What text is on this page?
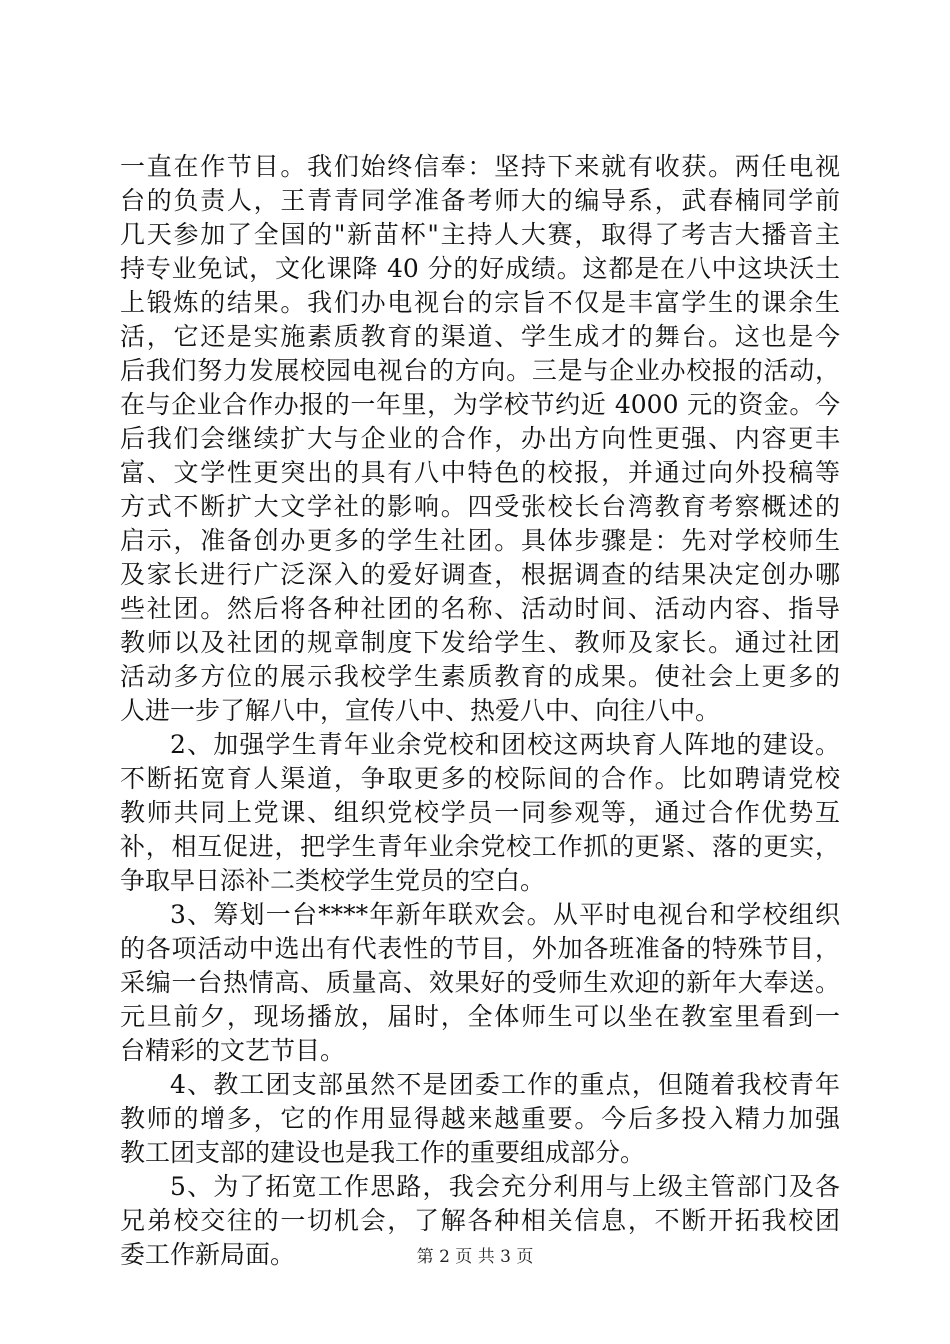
一直在作节目。我们始终信奉：坚持下来就有收获。两任电视
台的负责人，王青青同学准备考师大的编导系，武春楠同学前
几天参加了全国的"新苗杯"主持人大赛，取得了考吉大播音主
持专业免试，文化课降 40 分的好成绩。这都是在八中这块沃土
上锻炼的结果。我们办电视台的宗旨不仅是丰富学生的课余生
活，它还是实施素质教育的渠道、学生成才的舞台。这也是今
后我们努力发展校园电视台的方向。三是与企业办校报的活动，
在与企业合作办报的一年里，为学校节约近 4000 元的资金。今
后我们会继续扩大与企业的合作，办出方向性更强、内容更丰
富、文学性更突出的具有八中特色的校报，并通过向外投稿等
方式不断扩大文学社的影响。四受张校长台湾教育考察概述的
启示，准备创办更多的学生社团。具体步骤是：先对学校师生
及家长进行广泛深入的爱好调查，根据调查的结果决定创办哪
些社团。然后将各种社团的名称、活动时间、活动内容、指导
教师以及社团的规章制度下发给学生、教师及家长。通过社团
活动多方位的展示我校学生素质教育的成果。使社会上更多的
人进一步了解八中，宣传八中、热爱八中、向往八中。
2、加强学生青年业余党校和团校这两块育人阵地的建设。
不断拓宽育人渠道，争取更多的校际间的合作。比如聘请党校
教师共同上党课、组织党校学员一同参观等，通过合作优势互
补，相互促进，把学生青年业余党校工作抓的更紧、落的更实，
争取早日添补二类校学生党员的空白。
3、筹划一台****年新年联欢会。从平时电视台和学校组织
的各项活动中选出有代表性的节目，外加各班准备的特殊节目，
采编一台热情高、质量高、效果好的受师生欢迎的新年大奉送。
元旦前夕，现场播放，届时，全体师生可以坐在教室里看到一
台精彩的文艺节目。
4、教工团支部虽然不是团委工作的重点，但随着我校青年
教师的增多，它的作用显得越来越重要。今后多投入精力加强
教工团支部的建设也是我工作的重要组成部分。
5、为了拓宽工作思路，我会充分利用与上级主管部门及各
兄弟校交往的一切机会，了解各种相关信息，不断开拓我校团
委工作新局面。	第 2 页 共 3 页
